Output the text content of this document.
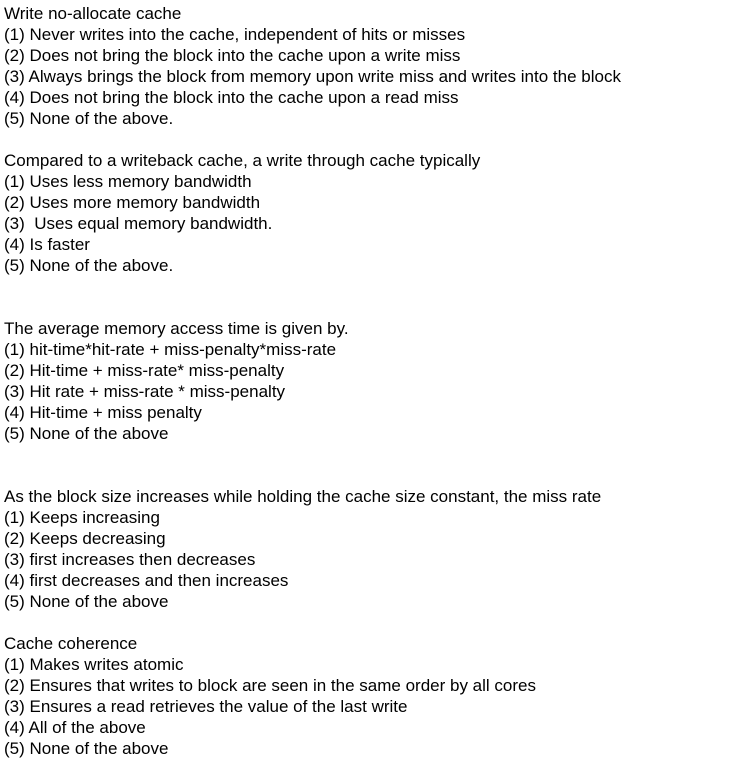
Write no-allocate cache
(1) Never writes into the cache, independent of hits or misses
(2) Does not bring the block into the cache upon a write miss
(3) Always brings the block from memory upon write miss and writes into the block
(4) Does not bring the block into the cache upon a read miss
(5) None of the above.
Compared to a writeback cache, a write through cache typically
(1) Uses less memory bandwidth
(2) Uses more memory bandwidth
(3)  Uses equal memory bandwidth.
(4) Is faster
(5) None of the above.
The average memory access time is given by.
(1) hit-time*hit-rate + miss-penalty*miss-rate
(2) Hit-time + miss-rate* miss-penalty
(3) Hit rate + miss-rate * miss-penalty
(4) Hit-time + miss penalty
(5) None of the above
As the block size increases while holding the cache size constant, the miss rate
(1) Keeps increasing
(2) Keeps decreasing
(3) first increases then decreases
(4) first decreases and then increases
(5) None of the above
Cache coherence
(1) Makes writes atomic
(2) Ensures that writes to block are seen in the same order by all cores
(3) Ensures a read retrieves the value of the last write
(4) All of the above
(5) None of the above
